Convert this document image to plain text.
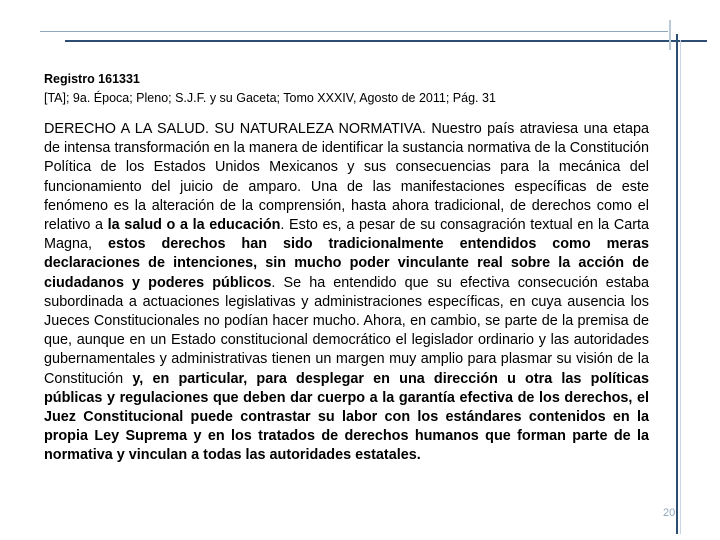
Registro 161331
[TA]; 9a. Época; Pleno; S.J.F. y su Gaceta; Tomo XXXIV, Agosto de 2011; Pág. 31
DERECHO A LA SALUD. SU NATURALEZA NORMATIVA. Nuestro país atraviesa una etapa de intensa transformación en la manera de identificar la sustancia normativa de la Constitución Política de los Estados Unidos Mexicanos y sus consecuencias para la mecánica del funcionamiento del juicio de amparo. Una de las manifestaciones específicas de este fenómeno es la alteración de la comprensión, hasta ahora tradicional, de derechos como el relativo a la salud o a la educación. Esto es, a pesar de su consagración textual en la Carta Magna, estos derechos han sido tradicionalmente entendidos como meras declaraciones de intenciones, sin mucho poder vinculante real sobre la acción de ciudadanos y poderes públicos. Se ha entendido que su efectiva consecución estaba subordinada a actuaciones legislativas y administraciones específicas, en cuya ausencia los Jueces Constitucionales no podían hacer mucho. Ahora, en cambio, se parte de la premisa de que, aunque en un Estado constitucional democrático el legislador ordinario y las autoridades gubernamentales y administrativas tienen un margen muy amplio para plasmar su visión de la Constitución y, en particular, para desplegar en una dirección u otra las políticas públicas y regulaciones que deben dar cuerpo a la garantía efectiva de los derechos, el Juez Constitucional puede contrastar su labor con los estándares contenidos en la propia Ley Suprema y en los tratados de derechos humanos que forman parte de la normativa y vinculan a todas las autoridades estatales.
20
